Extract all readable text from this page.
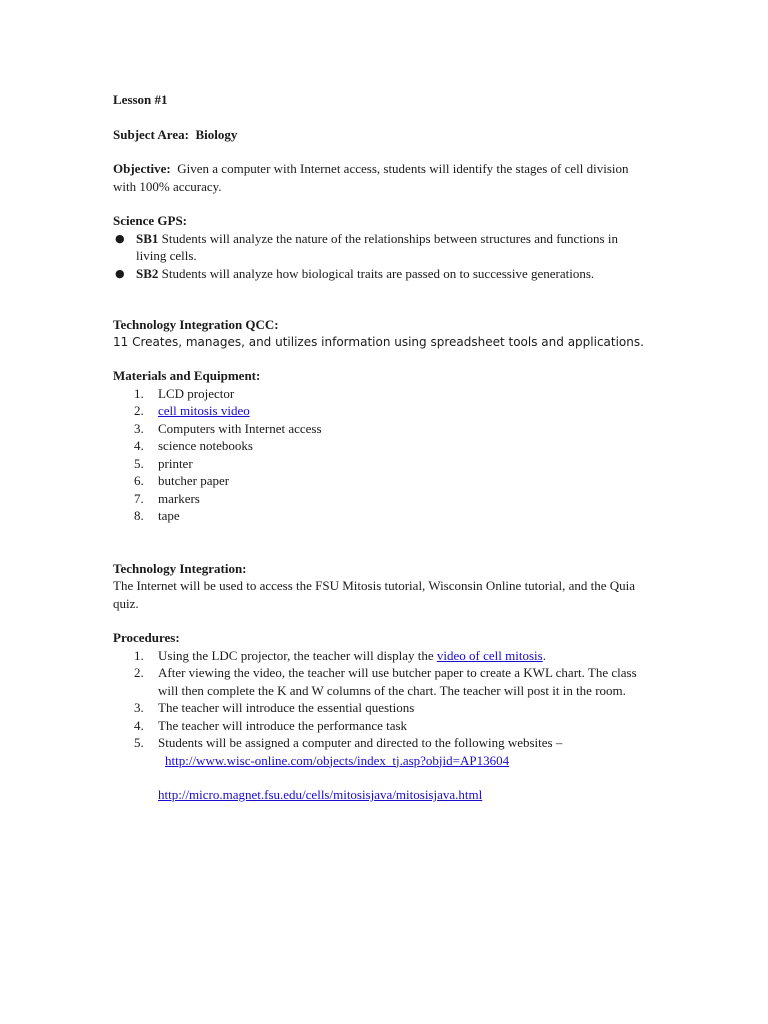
Lesson #1

Subject Area: Biology

Objective: Given a computer with Internet access, students will identify the stages of cell division with 100% accuracy.

Science GPS:

● SB1 Students will analyze the nature of the relationships between structures and functions in living cells.
● SB2 Students will analyze how biological traits are passed on to successive generations.

Technology Integration QCC:

11 Creates, manages, and utilizes information using spreadsheet tools and applications.

Materials and Equipment:

1. LCD projector
2. cell mitosis video
3. Computers with Internet access
4. science notebooks
5. printer
6. butcher paper
7. markers
8. tape

Technology Integration:

The Internet will be used to access the FSU Mitosis tutorial, Wisconsin Online tutorial, and the Quia quiz.

Procedures:

1. Using the LDC projector, the teacher will display the video of cell mitosis.
2. After viewing the video, the teacher will use butcher paper to create a KWL chart. The class will then complete the K and W columns of the chart. The teacher will post it in the room.
3. The teacher will introduce the essential questions
4. The teacher will introduce the performance task
5. Students will be assigned a computer and directed to the following websites –
http://www.wisc-online.com/objects/index_tj.asp?objid=AP13604
http://micro.magnet.fsu.edu/cells/mitosisjava/mitosisjava.html
